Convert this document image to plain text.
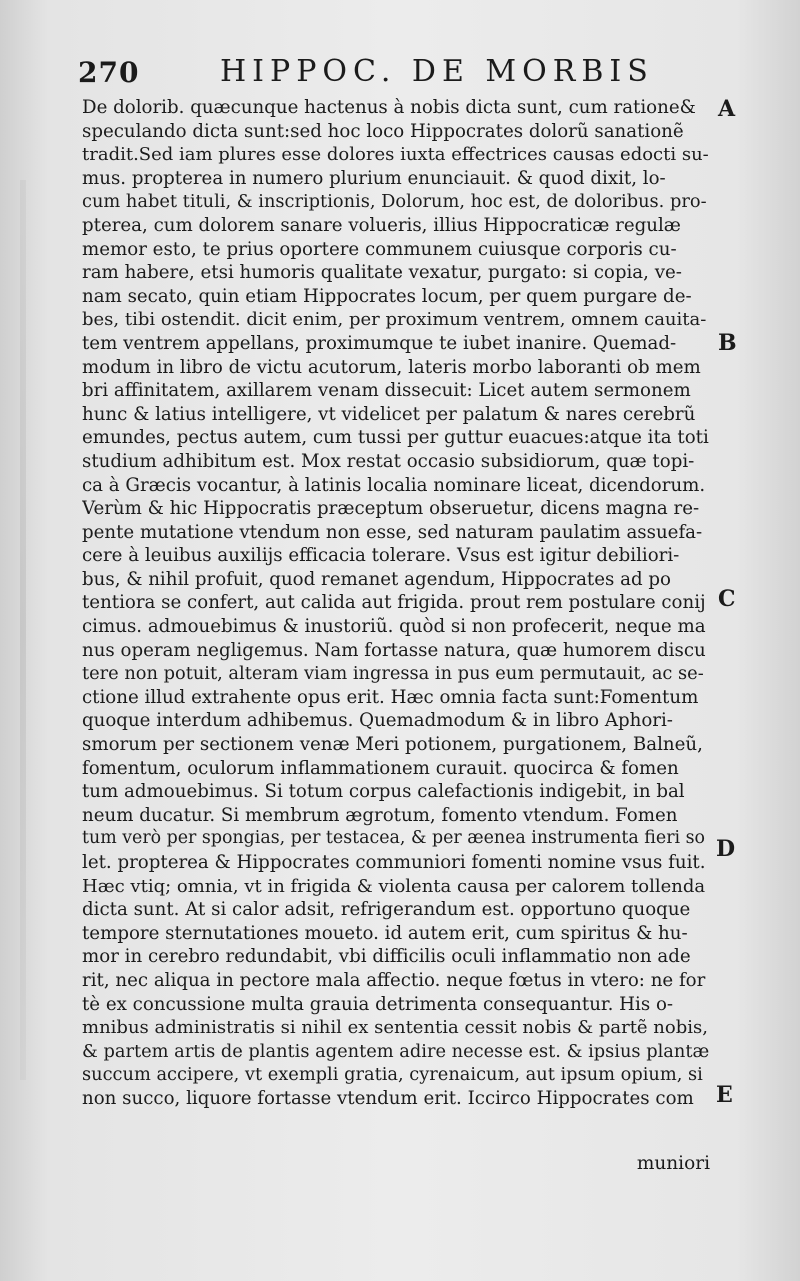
270	HIPPOC. DE MORBIS
De dolorib. quæcunque hactenus à nobis dicta sunt, cum ratione&
speculando dicta sunt:sed hoc loco Hippocrates dolorũ sanationẽ
tradit.Sed iam plures esse dolores iuxta effectrices causas edocti su-
mus. propterea in numero plurium enunciauit. & quod dixit, lo-
cum habet tituli, & inscriptionis, Dolorum, hoc est, de doloribus. pro-
pterea, cum dolorem sanare volueris, illius Hippocraticæ regulæ
memor esto, te prius oportere communem cuiusque corporis cu-
ram habere, etsi humoris qualitate vexatur, purgato: si copia, ve-
nam secato, quin etiam Hippocrates locum, per quem purgare de-
bes, tibi ostendit. dicit enim, per proximum ventrem, omnem cauita-
tem ventrem appellans, proximumque te iubet inanire. Quemad-
modum in libro de victu acutorum, lateris morbo laboranti ob mem
bri affinitatem, axillarem venam dissecuit: Licet autem sermonem
hunc & latius intelligere, vt videlicet per palatum & nares cerebrũ
emundes, pectus autem, cum tussi per guttur euacues:atque ita toti
studium adhibitum est. Mox restat occasio subsidiorum, quæ topi-
ca à Græcis vocantur, à latinis localia nominare liceat, dicendorum.
Verùm & hic Hippocratis præceptum obseruetur, dicens magna re-
pente mutatione vtendum non esse, sed naturam paulatim assuefa-
cere à leuibus auxilijs efficacia tolerare. Vsus est igitur debiliori-
bus, & nihil profuit, quod remanet agendum, Hippocrates ad po
tentiora se confert, aut calida aut frigida. prout rem postulare conij
cimus. admouebimus & inustoriũ. quòd si non profecerit, neque ma
nus operam negligemus. Nam fortasse natura, quæ humorem discu
tere non potuit, alteram viam ingressa in pus eum permutauit, ac se-
ctione illud extrahente opus erit. Hæc omnia facta sunt:Fomentum
quoque interdum adhibemus. Quemadmodum & in libro Aphori-
smorum per sectionem venæ Meri potionem, purgationem, Balneũ,
fomentum, oculorum inflammationem curauit. quocirca & fomen
tum admouebimus. Si totum corpus calefactionis indigebit, in bal
neum ducatur. Si membrum ægrotum, fomento vtendum. Fomen
tum verò per spongias, per testacea, & per æenea instrumenta fieri so
let. propterea & Hippocrates communiori fomenti nomine vsus fuit.
Hæc vtiq; omnia, vt in frigida & violenta causa per calorem tollenda
dicta sunt. At si calor adsit, refrigerandum est. opportuno quoque
tempore sternutationes moueto. id autem erit, cum spiritus & hu-
mor in cerebro redundabit, vbi difficilis oculi inflammatio non ade
rit, nec aliqua in pectore mala affectio. neque fœtus in vtero: ne for
tè ex concussione multa grauia detrimenta consequantur. His o-
mnibus administratis si nihil ex sententia cessit nobis & partẽ nobis,
& partem artis de plantis agentem adire necesse est. & ipsius plantæ
succum accipere, vt exempli gratia, cyrenaicum, aut ipsum opium, si
non succo, liquore fortasse vtendum erit. Iccirco Hippocrates com
A
B
C
D
E
muniori
